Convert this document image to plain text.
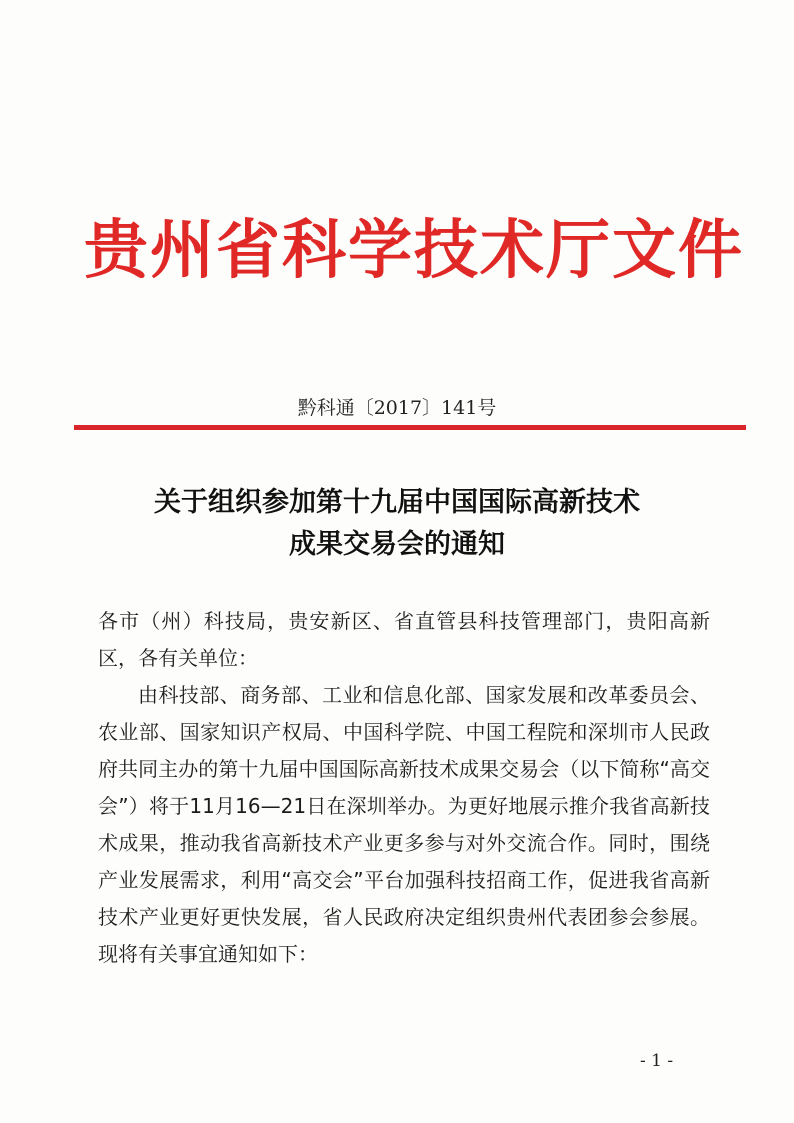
贵州省科学技术厅文件
黔科通〔2017〕141号
关于组织参加第十九届中国国际高新技术
成果交易会的通知

各市（州）科技局，贵安新区、省直管县科技管理部门，贵阳高新区，各有关单位：

由科技部、商务部、工业和信息化部、国家发展和改革委员会、农业部、国家知识产权局、中国科学院、中国工程院和深圳市人民政府共同主办的第十九届中国国际高新技术成果交易会（以下简称“高交会”）将于11月16—21日在深圳举办。为更好地展示推介我省高新技术成果，推动我省高新技术产业更多参与对外交流合作。同时，围绕产业发展需求，利用“高交会”平台加强科技招商工作，促进我省高新技术产业更好更快发展，省人民政府决定组织贵州代表团参会参展。现将有关事宜通知如下：

- 1 -
